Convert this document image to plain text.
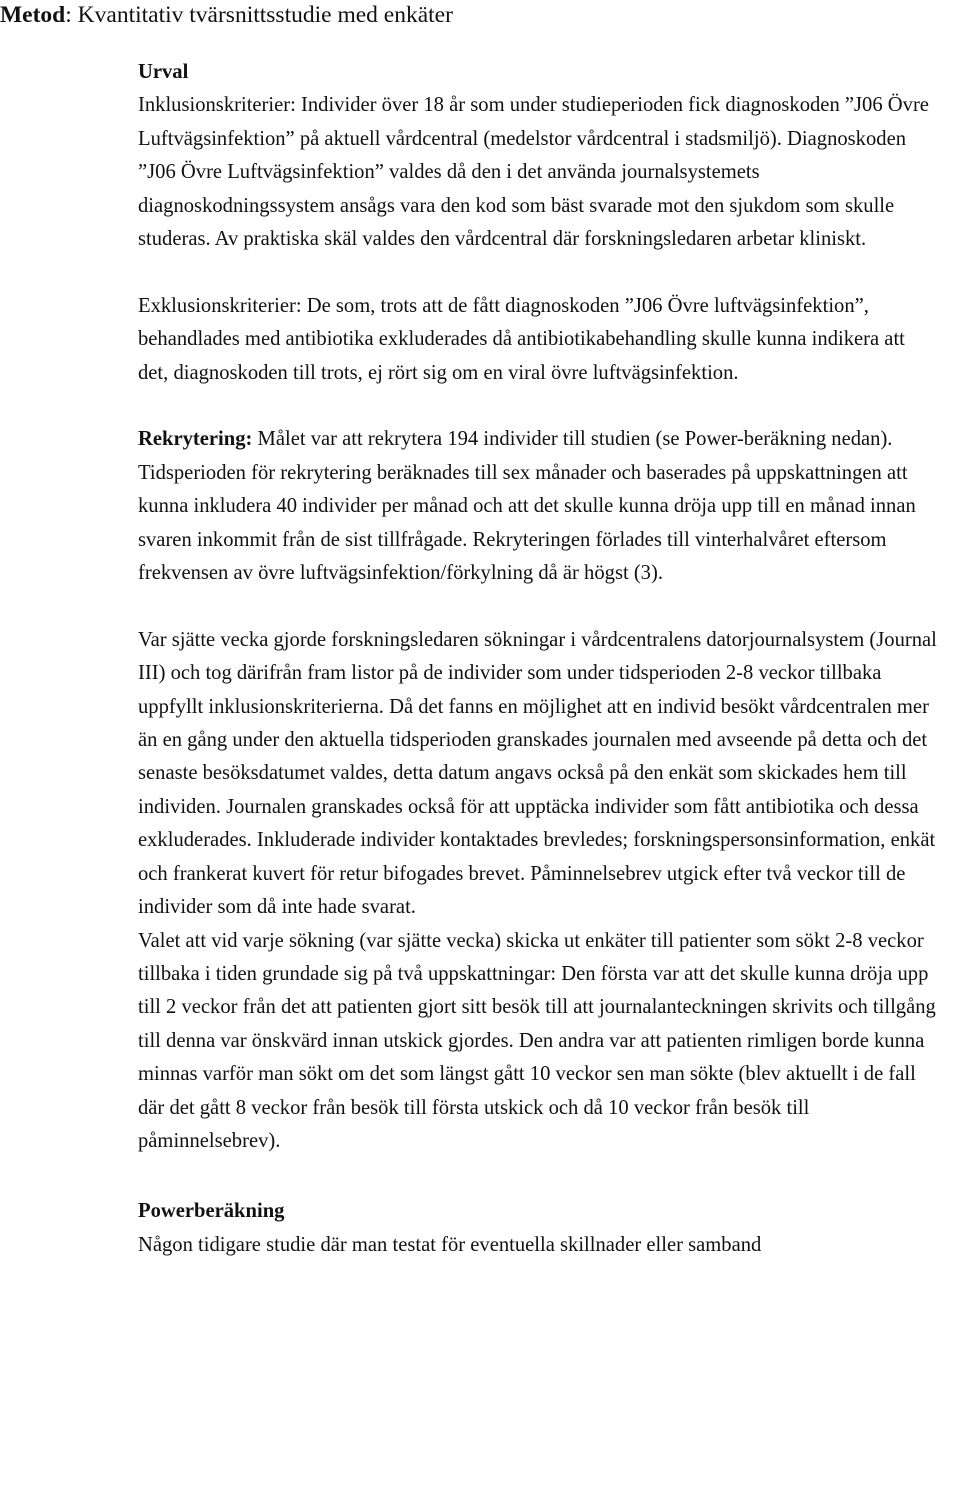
Metod: Kvantitativ tvärsnittsstudie med enkäter

Urval

Inklusionskriterier: Individer över 18 år som under studieperioden fick diagnoskoden ”J06 Övre Luftvägsinfektion” på aktuell vårdcentral (medelstor vårdcentral i stadsmiljö). Diagnoskoden ”J06 Övre Luftvägsinfektion” valdes då den i det använda journalsystemets diagnoskodningssystem ansågs vara den kod som bäst svarade mot den sjukdom som skulle studeras. Av praktiska skäl valdes den vårdcentral där forskningsledaren arbetar kliniskt.

Exklusionskriterier: De som, trots att de fått diagnoskoden ”J06 Övre luftvägsinfektion”, behandlades med antibiotika exkluderades då antibiotikabehandling skulle kunna indikera att det, diagnoskoden till trots, ej rört sig om en viral övre luftvägsinfektion.

Rekrytering: Målet var att rekrytera 194 individer till studien (se Power-beräkning nedan). Tidsperioden för rekrytering beräknades till sex månader och baserades på uppskattningen att kunna inkludera 40 individer per månad och att det skulle kunna dröja upp till en månad innan svaren inkommit från de sist tillfrågade. Rekryteringen förlades till vinterhalvåret eftersom frekvensen av övre luftvägsinfektion/förkylning då är högst (3).

Var sjätte vecka gjorde forskningsledaren sökningar i vårdcentralens datorjournalsystem (Journal III) och tog därifrån fram listor på de individer som under tidsperioden 2-8 veckor tillbaka uppfyllt inklusionskriterierna. Då det fanns en möjlighet att en individ besökt vårdcentralen mer än en gång under den aktuella tidsperioden granskades journalen med avseende på detta och det senaste besöksdatumet valdes, detta datum angavs också på den enkät som skickades hem till individen. Journalen granskades också för att upptäcka individer som fått antibiotika och dessa exkluderades. Inkluderade individer kontaktades brevledes; forskningspersonsinformation, enkät och frankerat kuvert för retur bifogades brevet. Påminnelsebrev utgick efter två veckor till de individer som då inte hade svarat.

Valet att vid varje sökning (var sjätte vecka) skicka ut enkäter till patienter som sökt 2-8 veckor tillbaka i tiden grundade sig på två uppskattningar: Den första var att det skulle kunna dröja upp till 2 veckor från det att patienten gjort sitt besök till att journalanteckningen skrivits och tillgång till denna var önskvärd innan utskick gjordes. Den andra var att patienten rimligen borde kunna minnas varför man sökt om det som längst gått 10 veckor sen man sökte (blev aktuellt i de fall där det gått 8 veckor från besök till första utskick och då 10 veckor från besök till påminnelsebrev).

Powerberäkning

Någon tidigare studie där man testat för eventuella skillnader eller samband
